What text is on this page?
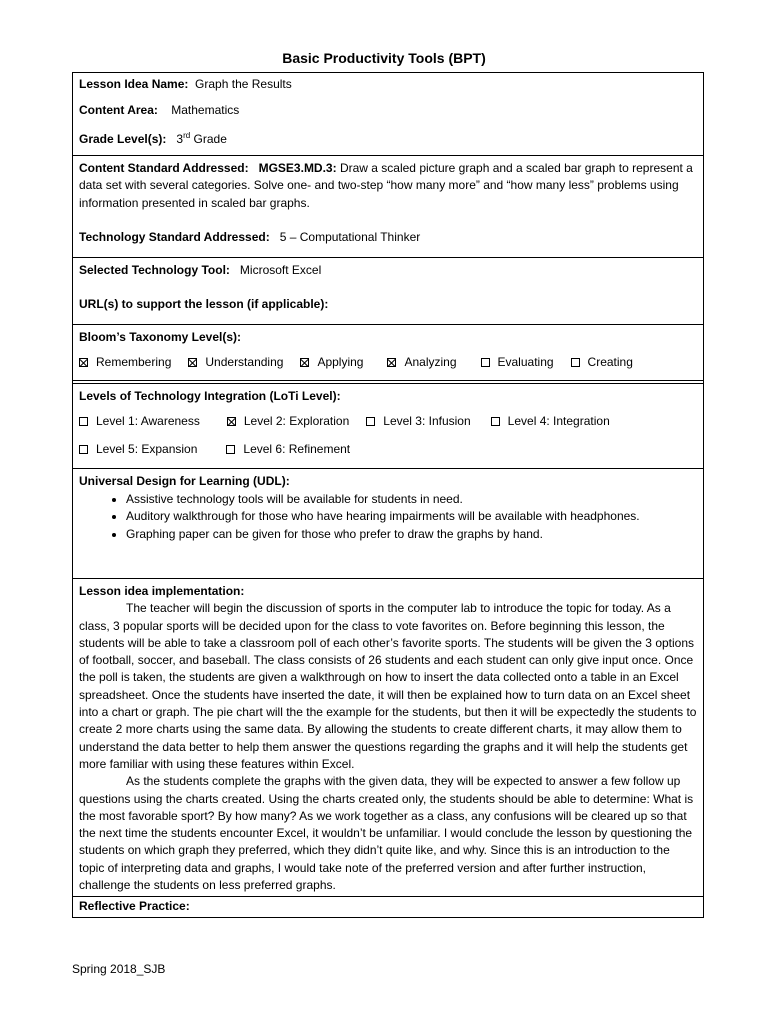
Basic Productivity Tools (BPT)

Lesson Idea Name: Graph the Results

Content Area: Mathematics

Grade Level(s): 3rd Grade

Content Standard Addressed: MGSE3.MD.3: Draw a scaled picture graph and a scaled bar graph to represent a data set with several categories. Solve one- and two-step “how many more” and “how many less” problems using information presented in scaled bar graphs.

Technology Standard Addressed: 5 – Computational Thinker

Selected Technology Tool: Microsoft Excel

URL(s) to support the lesson (if applicable):

Bloom’s Taxonomy Level(s):

Remembering	Understanding	Applying	Analyzing	Evaluating	Creating

Levels of Technology Integration (LoTi Level):

Level 1: Awareness	Level 2: Exploration	Level 3: Infusion	Level 4: Integration
Level 5: Expansion	Level 6: Refinement

Universal Design for Learning (UDL):

• Assistive technology tools will be available for students in need.
• Auditory walkthrough for those who have hearing impairments will be available with headphones.
• Graphing paper can be given for those who prefer to draw the graphs by hand.

Lesson idea implementation:

The teacher will begin the discussion of sports in the computer lab to introduce the topic for today. As a class, 3 popular sports will be decided upon for the class to vote favorites on. Before beginning this lesson, the students will be able to take a classroom poll of each other’s favorite sports. The students will be given the 3 options of football, soccer, and baseball. The class consists of 26 students and each student can only give input once. Once the poll is taken, the students are given a walkthrough on how to insert the data collected onto a table in an Excel spreadsheet. Once the students have inserted the date, it will then be explained how to turn data on an Excel sheet into a chart or graph. The pie chart will the the example for the students, but then it will be expectedly the students to create 2 more charts using the same data. By allowing the students to create different charts, it may allow them to understand the data better to help them answer the questions regarding the graphs and it will help the students get more familiar with using these features within Excel.

As the students complete the graphs with the given data, they will be expected to answer a few follow up questions using the charts created. Using the charts created only, the students should be able to determine: What is the most favorable sport? By how many? As we work together as a class, any confusions will be cleared up so that the next time the students encounter Excel, it wouldn’t be unfamiliar. I would conclude the lesson by questioning the students on which graph they preferred, which they didn’t quite like, and why. Since this is an introduction to the topic of interpreting data and graphs, I would take note of the preferred version and after further instruction, challenge the students on less preferred graphs.

Reflective Practice:

Spring 2018_SJB
